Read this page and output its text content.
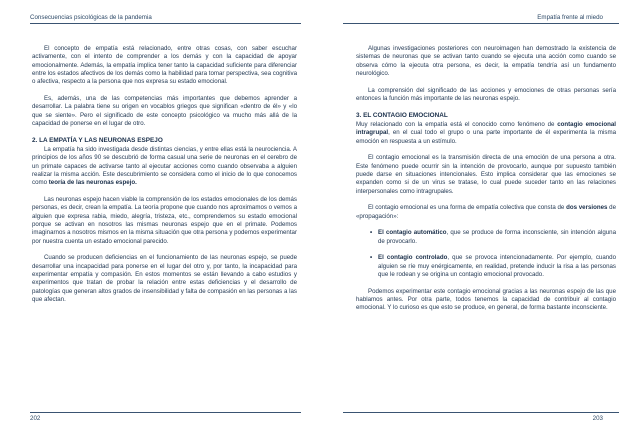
Consecuencias psicológicas de la pandemia

El concepto de empatía está relacionado, entre otras cosas, con saber escuchar activamente, con el intento de comprender a los demás y con la capacidad de apoyar emocionalmente. Además, la empatía implica tener tanto la capacidad suficiente para diferenciar entre los estados afectivos de los demás como la habilidad para tomar perspectiva, sea cognitiva o afectiva, respecto a la persona que nos expresa su estado emocional.

Es, además, una de las competencias más importantes que debemos aprender a desarrollar. La palabra tiene su origen en vocablos griegos que significan «dentro de él» y «lo que se siente». Pero el significado de este concepto psicológico va mucho más allá de la capacidad de ponerse en el lugar de otro.

2. LA EMPATÍA Y LAS NEURONAS ESPEJO

La empatía ha sido investigada desde distintas ciencias, y entre ellas está la neurociencia. A principios de los años 90 se descubrió de forma casual una serie de neuronas en el cerebro de un primate capaces de activarse tanto al ejecutar acciones como cuando observaba a alguien realizar la misma acción. Este descubrimiento se considera como el inicio de lo que conocemos como teoría de las neuronas espejo.

Las neuronas espejo hacen viable la comprensión de los estados emocionales de los demás personas, es decir, crean la empatía. La teoría propone que cuando nos aproximamos o vemos a alguien que expresa rabia, miedo, alegría, tristeza, etc., comprendemos su estado emocional porque se activan en nosotros las mismas neuronas espejo que en el primate. Podemos imaginarnos a nosotros mismos en la misma situación que otra persona y podemos experimentar por nuestra cuenta un estado emocional parecido.

Cuando se producen deficiencias en el funcionamiento de las neuronas espejo, se puede desarrollar una incapacidad para ponerse en el lugar del otro y, por tanto, la incapacidad para experimentar empatía y compasión. En estos momentos se están llevando a cabo estudios y experimentos que tratan de probar la relación entre estas deficiencias y el desarrollo de patologías que generan altos grados de insensibilidad y falta de compasión en las personas a las que afectan.

202
Empatía frente al miedo

Algunas investigaciones posteriores con neuroimagen han demostrado la existencia de sistemas de neuronas que se activan tanto cuando se ejecuta una acción como cuando se observa cómo la ejecuta otra persona, es decir, la empatía tendría así un fundamento neurológico.

La comprensión del significado de las acciones y emociones de otras personas sería entonces la función más importante de las neuronas espejo.

3. EL CONTAGIO EMOCIONAL

Muy relacionado con la empatía está el conocido como fenómeno de contagio emocional intragrupal, en el cual todo el grupo o una parte importante de él experimenta la misma emoción en respuesta a un estímulo.

El contagio emocional es la transmisión directa de una emoción de una persona a otra. Este fenómeno puede ocurrir sin la intención de provocarlo, aunque por supuesto también puede darse en situaciones intencionales. Esto implica considerar que las emociones se expanden como si de un virus se tratase, lo cual puede suceder tanto en las relaciones interpersonales como intragrupales.

El contagio emocional es una forma de empatía colectiva que consta de dos versiones de «propagación»:

• El contagio automático, que se produce de forma inconsciente, sin intención alguna de provocarlo.
• El contagio controlado, que se provoca intencionadamente. Por ejemplo, cuando alguien se ríe muy enérgicamente, en realidad, pretende inducir la risa a las personas que le rodean y se origina un contagio emocional provocado.

Podemos experimentar este contagio emocional gracias a las neuronas espejo de las que hablamos antes. Por otra parte, todos tenemos la capacidad de contribuir al contagio emocional. Y lo curioso es que esto se produce, en general, de forma bastante inconsciente.

203
